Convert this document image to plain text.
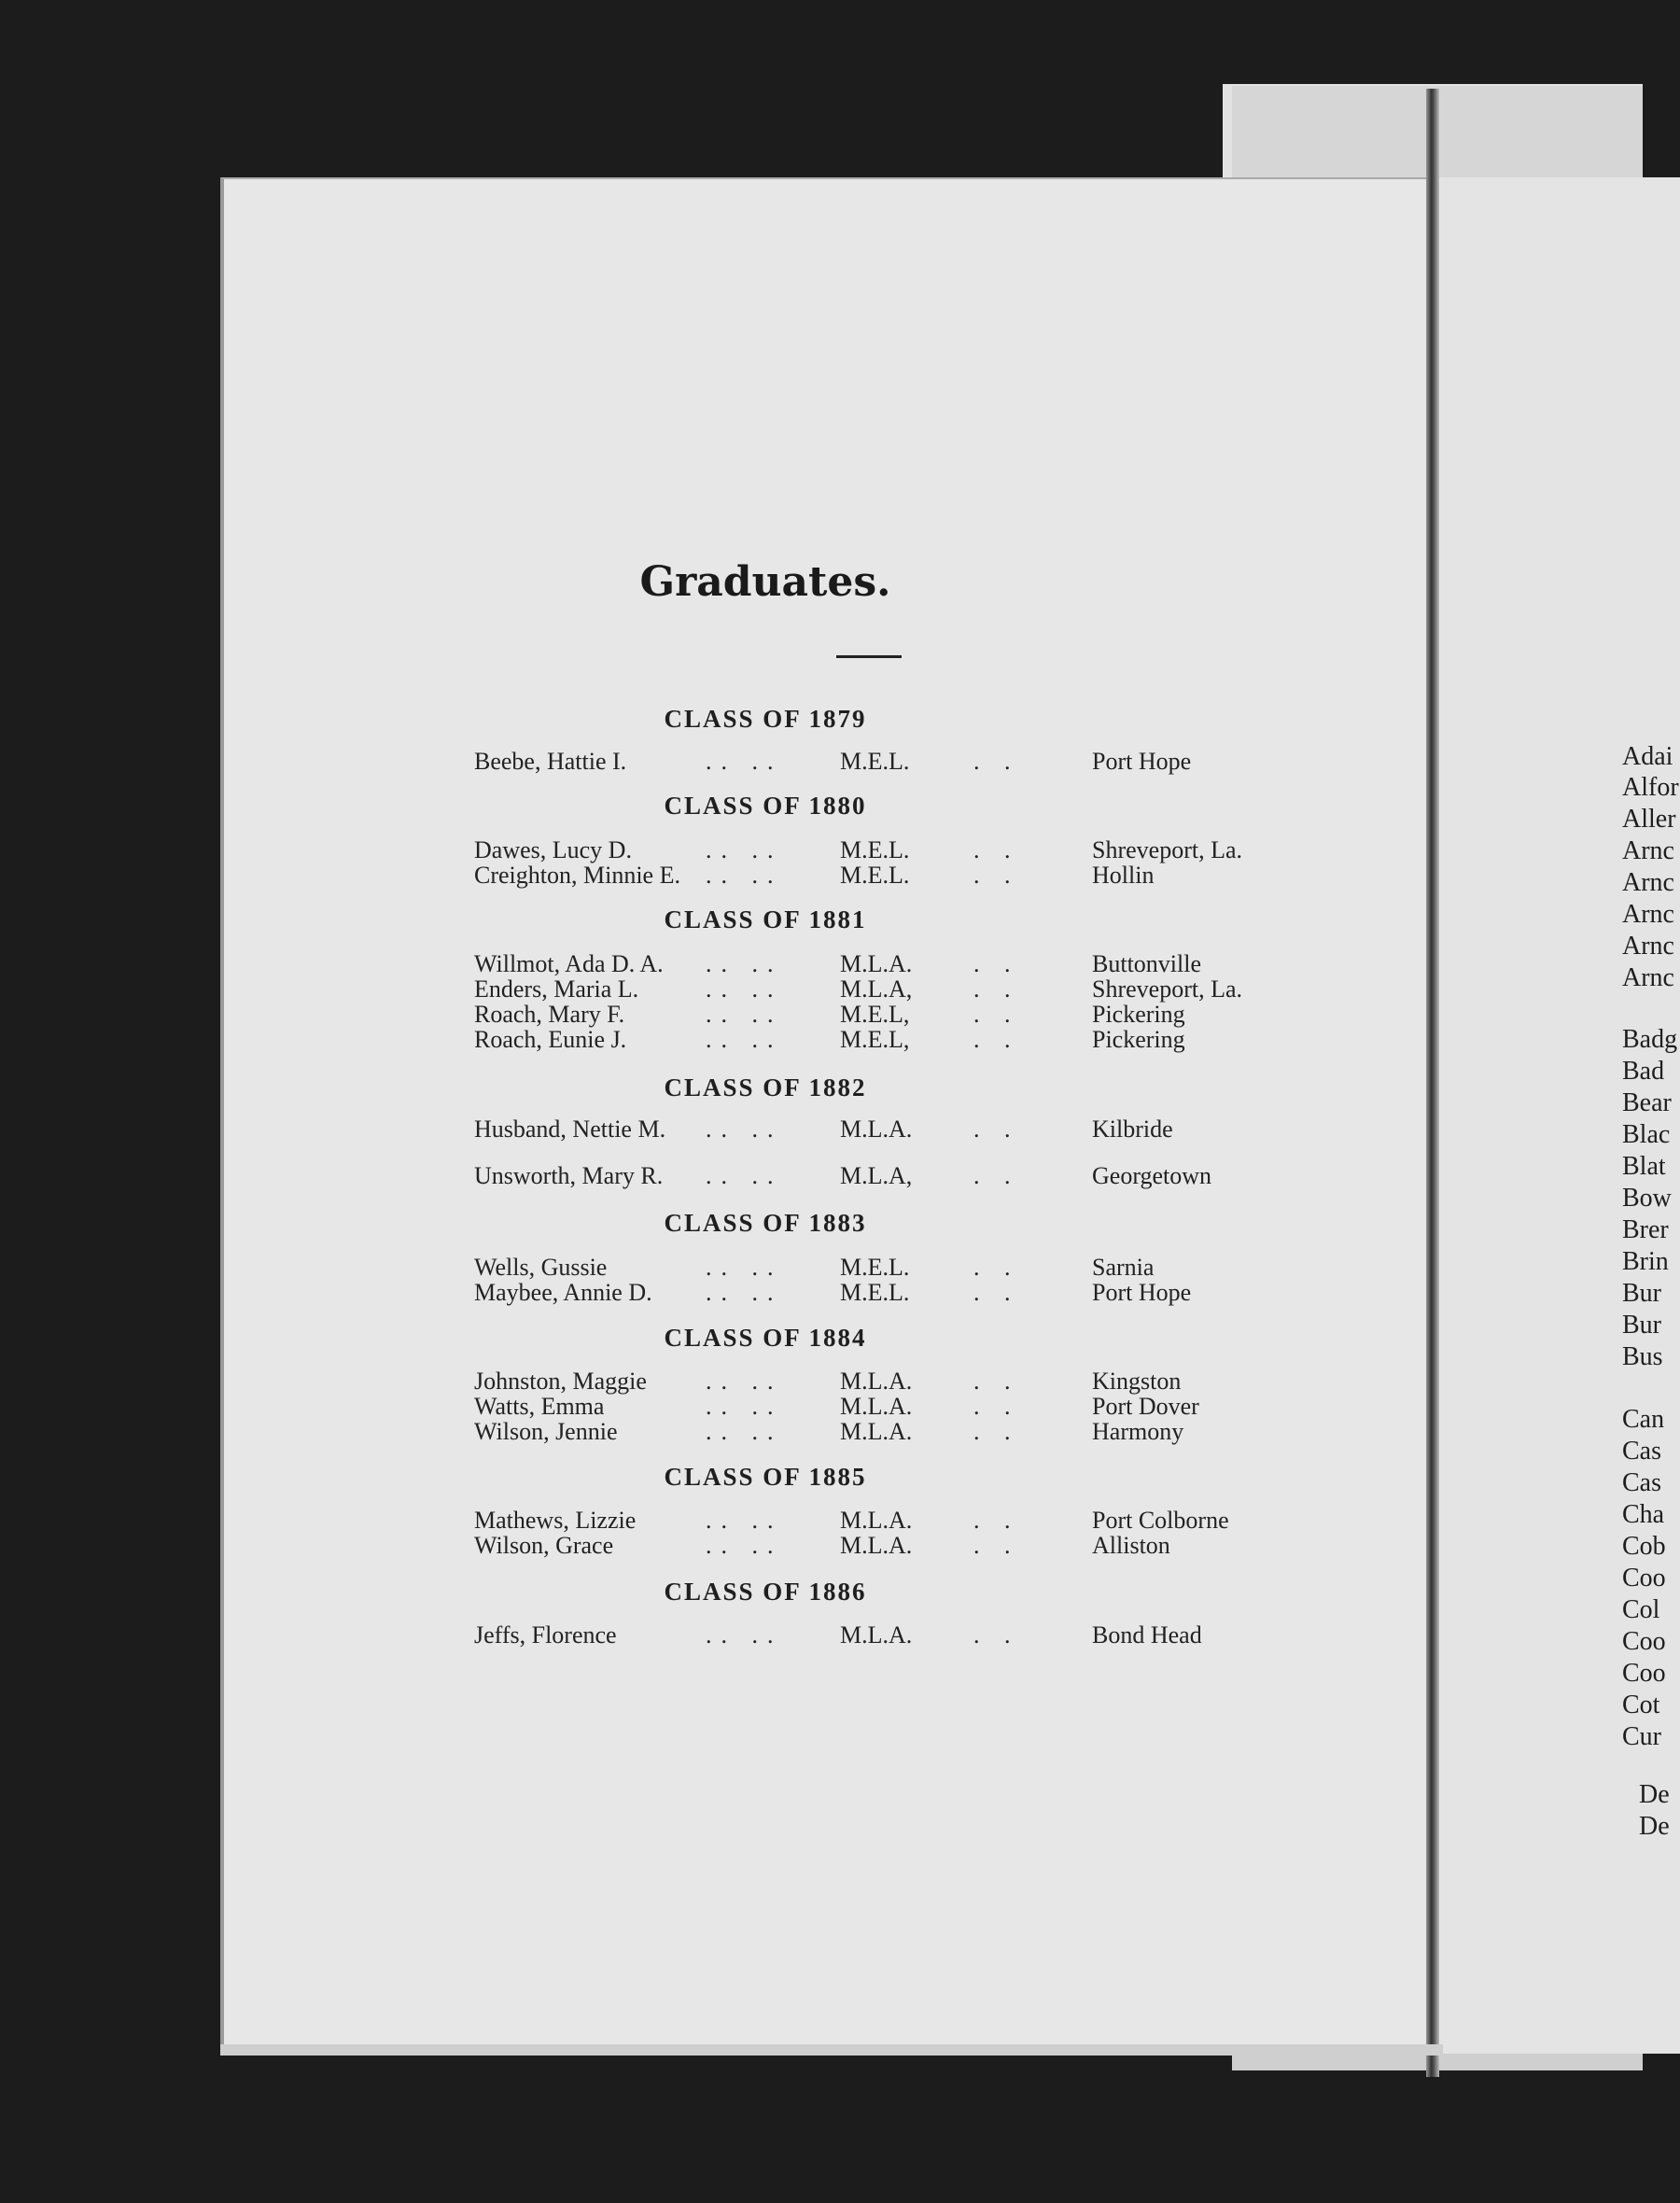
Graduates.
CLASS OF 1879
Beebe, Hattie I.	.. ..	M.E.L.	. .	Port Hope
CLASS OF 1880
Dawes, Lucy D.	.. ..	M.E.L.	. .	Shreveport, La.
Creighton, Minnie E.	.. ..	M.E.L.	. .	Hollin
CLASS OF 1881
Willmot, Ada D. A.	.. ..	M.L.A.	. .	Buttonville
Enders, Maria L.	.. ..	M.L.A,	. .	Shreveport, La.
Roach, Mary F.	.. ..	M.E.L,	. .	Pickering
Roach, Eunie J.	.. ..	M.E.L,	. .	Pickering
CLASS OF 1882
Husband, Nettie M.	.. ..	M.L.A.	. .	Kilbride
Unsworth, Mary R.	.. ..	M.L.A,	. .	Georgetown
CLASS OF 1883
Wells, Gussie	.. ..	M.E.L.	. .	Sarnia
Maybee, Annie D.	.. ..	M.E.L.	. .	Port Hope
CLASS OF 1884
Johnston, Maggie	.. ..	M.L.A.	. .	Kingston
Watts, Emma	.. ..	M.L.A.	. .	Port Dover
Wilson, Jennie	.. ..	M.L.A.	. .	Harmony
CLASS OF 1885
Mathews, Lizzie	.. ..	M.L.A.	. .	Port Colborne
Wilson, Grace	.. ..	M.L.A.	. .	Alliston
CLASS OF 1886
Jeffs, Florence	.. ..	M.L.A.	. .	Bond Head
Adai
Alfor
Aller
Arnc
Arnc
Arnc
Arnc
Arnc
Badg
Bad
Bear
Blac
Blat
Bow
Brer
Brin
Bur
Bur
Bus
Can
Cas
Cas
Cha
Cob
Coo
Col
Coo
Coo
Cot
Cur
De
De
